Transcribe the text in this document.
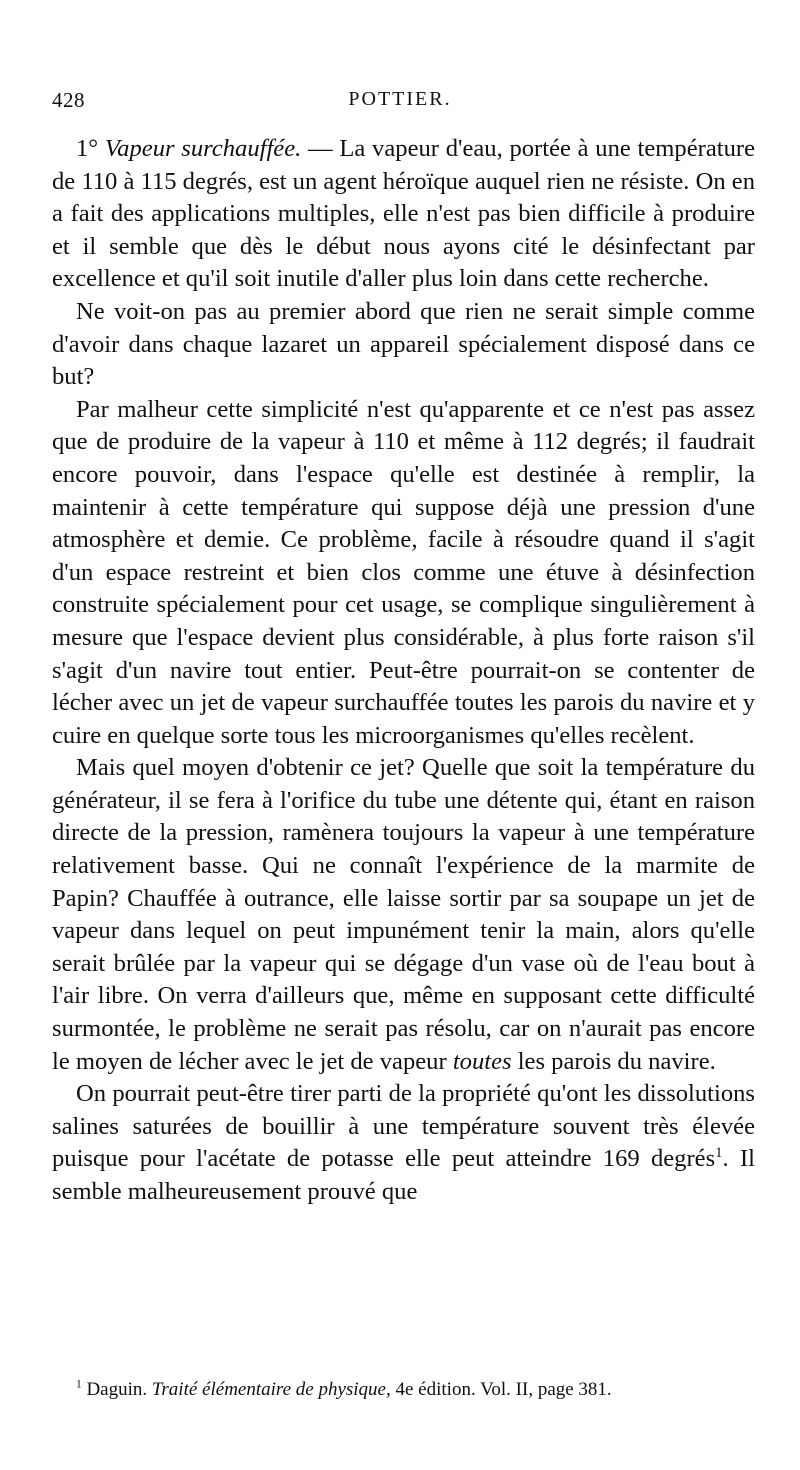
428	POTTIER.

1° Vapeur surchauffée. — La vapeur d'eau, portée à une température de 110 à 115 degrés, est un agent héroïque auquel rien ne résiste. On en a fait des applications multiples, elle n'est pas bien difficile à produire et il semble que dès le début nous ayons cité le désinfectant par excellence et qu'il soit inutile d'aller plus loin dans cette recherche.

Ne voit-on pas au premier abord que rien ne serait simple comme d'avoir dans chaque lazaret un appareil spécialement disposé dans ce but?

Par malheur cette simplicité n'est qu'apparente et ce n'est pas assez que de produire de la vapeur à 110 et même à 112 degrés; il faudrait encore pouvoir, dans l'espace qu'elle est destinée à remplir, la maintenir à cette température qui suppose déjà une pression d'une atmosphère et demie. Ce problème, facile à résoudre quand il s'agit d'un espace restreint et bien clos comme une étuve à désinfection construite spécialement pour cet usage, se complique singulièrement à mesure que l'espace devient plus considérable, à plus forte raison s'il s'agit d'un navire tout entier. Peut-être pourrait-on se contenter de lécher avec un jet de vapeur surchauffée toutes les parois du navire et y cuire en quelque sorte tous les microorganismes qu'elles recèlent.

Mais quel moyen d'obtenir ce jet? Quelle que soit la température du générateur, il se fera à l'orifice du tube une détente qui, étant en raison directe de la pression, ramènera toujours la vapeur à une température relativement basse. Qui ne connaît l'expérience de la marmite de Papin? Chauffée à outrance, elle laisse sortir par sa soupape un jet de vapeur dans lequel on peut impunément tenir la main, alors qu'elle serait brûlée par la vapeur qui se dégage d'un vase où de l'eau bout à l'air libre. On verra d'ailleurs que, même en supposant cette difficulté surmontée, le problème ne serait pas résolu, car on n'aurait pas encore le moyen de lécher avec le jet de vapeur toutes les parois du navire.

On pourrait peut-être tirer parti de la propriété qu'ont les dissolutions salines saturées de bouillir à une température souvent très élevée puisque pour l'acétate de potasse elle peut atteindre 169 degrés$^1$. Il semble malheureusement prouvé que

$^1$ Daguin. Traité élémentaire de physique, 4e édition. Vol. II, page 381.
